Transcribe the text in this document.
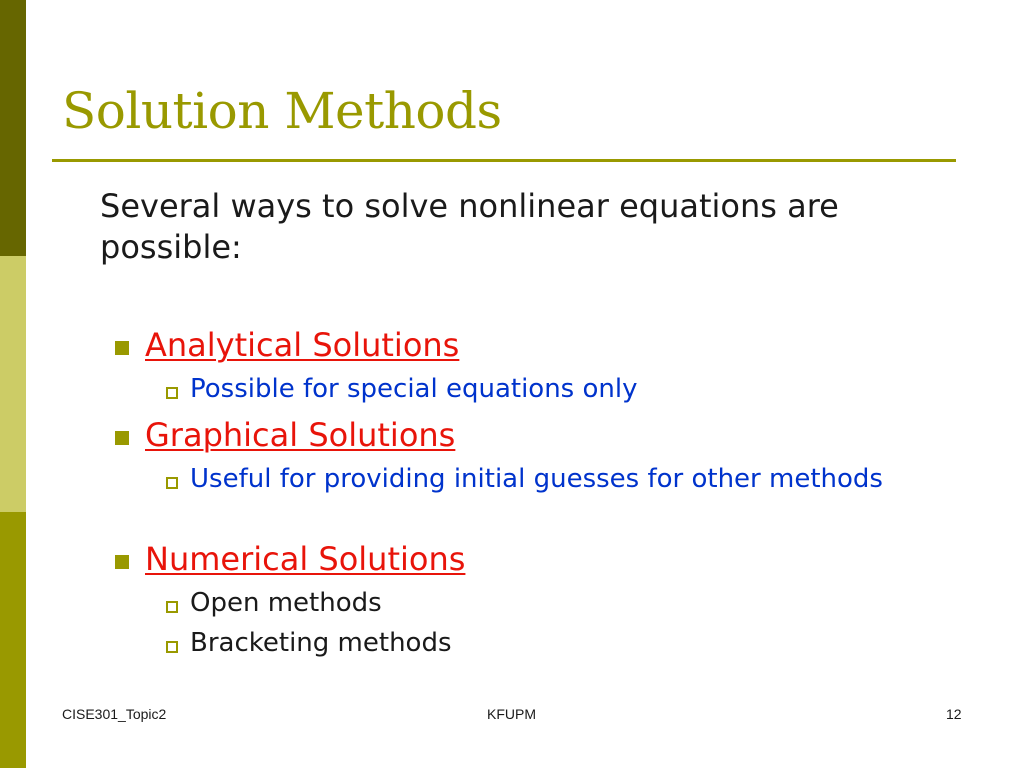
Solution Methods
Several ways to solve nonlinear equations are possible:
Analytical Solutions
Possible for special equations only
Graphical Solutions
Useful for providing initial guesses for other methods
Numerical Solutions
Open methods
Bracketing methods
CISE301_Topic2	KFUPM	12
